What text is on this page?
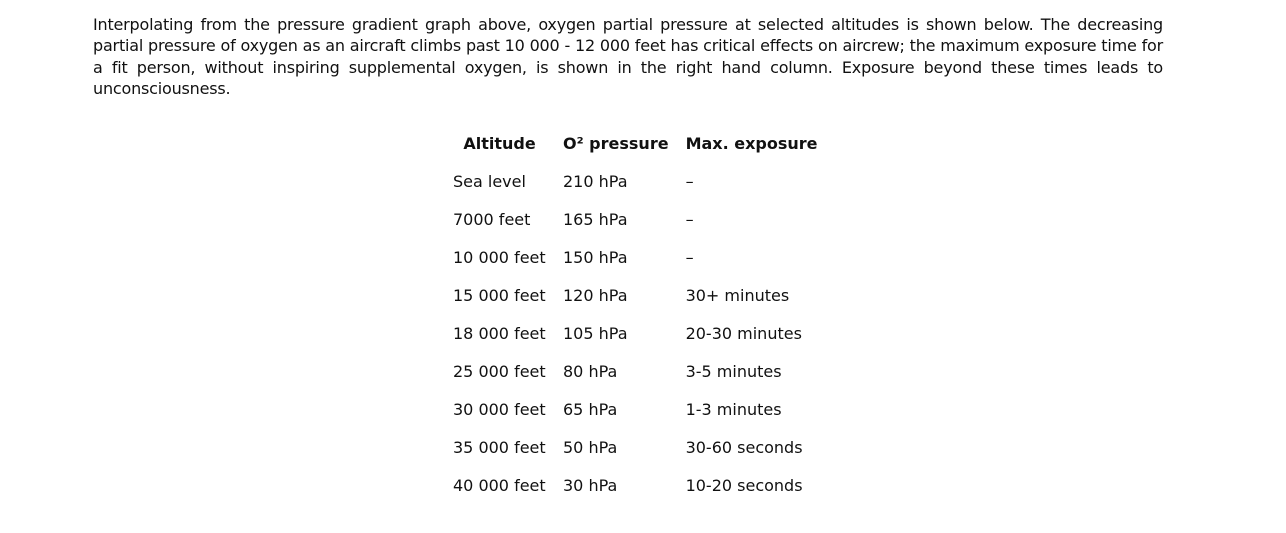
Interpolating from the pressure gradient graph above, oxygen partial pressure at selected altitudes is shown below. The decreasing partial pressure of oxygen as an aircraft climbs past 10 000 - 12 000 feet has critical effects on aircrew; the maximum exposure time for a fit person, without inspiring supplemental oxygen, is shown in the right hand column. Exposure beyond these times leads to unconsciousness.

Altitude	O² pressure	Max. exposure
Sea level	210 hPa	–
7000 feet	165 hPa	–
10 000 feet	150 hPa	–
15 000 feet	120 hPa	30+ minutes
18 000 feet	105 hPa	20-30 minutes
25 000 feet	80 hPa	3-5 minutes
30 000 feet	65 hPa	1-3 minutes
35 000 feet	50 hPa	30-60 seconds
40 000 feet	30 hPa	10-20 seconds
